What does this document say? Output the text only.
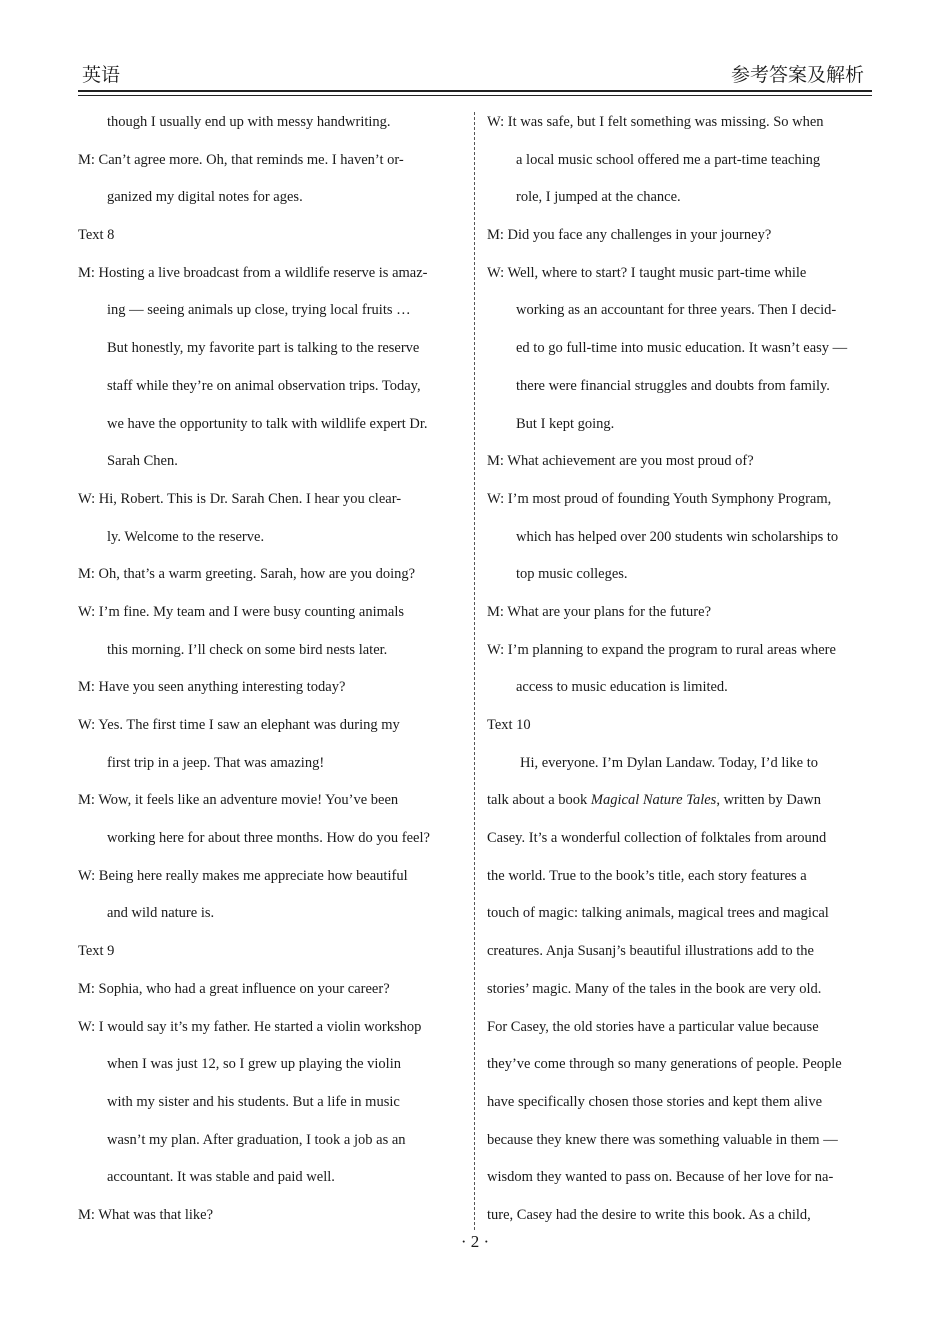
英语	参考答案及解析
though I usually end up with messy handwriting.
M: Can’t agree more. Oh, that reminds me. I haven’t or-
ganized my digital notes for ages.
Text 8
M: Hosting a live broadcast from a wildlife reserve is amaz-
ing — seeing animals up close, trying local fruits …
But honestly, my favorite part is talking to the reserve
staff while they’re on animal observation trips. Today,
we have the opportunity to talk with wildlife expert Dr.
Sarah Chen.
W: Hi, Robert. This is Dr. Sarah Chen. I hear you clear-
ly. Welcome to the reserve.
M: Oh, that’s a warm greeting. Sarah, how are you doing?
W: I’m fine. My team and I were busy counting animals
this morning. I’ll check on some bird nests later.
M: Have you seen anything interesting today?
W: Yes. The first time I saw an elephant was during my
first trip in a jeep. That was amazing!
M: Wow, it feels like an adventure movie! You’ve been
working here for about three months. How do you feel?
W: Being here really makes me appreciate how beautiful
and wild nature is.
Text 9
M: Sophia, who had a great influence on your career?
W: I would say it’s my father. He started a violin workshop
when I was just 12, so I grew up playing the violin
with my sister and his students. But a life in music
wasn’t my plan. After graduation, I took a job as an
accountant. It was stable and paid well.
M: What was that like?
W: It was safe, but I felt something was missing. So when
a local music school offered me a part-time teaching
role, I jumped at the chance.
M: Did you face any challenges in your journey?
W: Well, where to start? I taught music part-time while
working as an accountant for three years. Then I decid-
ed to go full-time into music education. It wasn’t easy —
there were financial struggles and doubts from family.
But I kept going.
M: What achievement are you most proud of?
W: I’m most proud of founding Youth Symphony Program,
which has helped over 200 students win scholarships to
top music colleges.
M: What are your plans for the future?
W: I’m planning to expand the program to rural areas where
access to music education is limited.
Text 10
Hi, everyone. I’m Dylan Landaw. Today, I’d like to
talk about a book Magical Nature Tales, written by Dawn
Casey. It’s a wonderful collection of folktales from around
the world. True to the book’s title, each story features a
touch of magic: talking animals, magical trees and magical
creatures. Anja Susanj’s beautiful illustrations add to the
stories’ magic. Many of the tales in the book are very old.
For Casey, the old stories have a particular value because
they’ve come through so many generations of people. People
have specifically chosen those stories and kept them alive
because they knew there was something valuable in them —
wisdom they wanted to pass on. Because of her love for na-
ture, Casey had the desire to write this book. As a child,
· 2 ·
